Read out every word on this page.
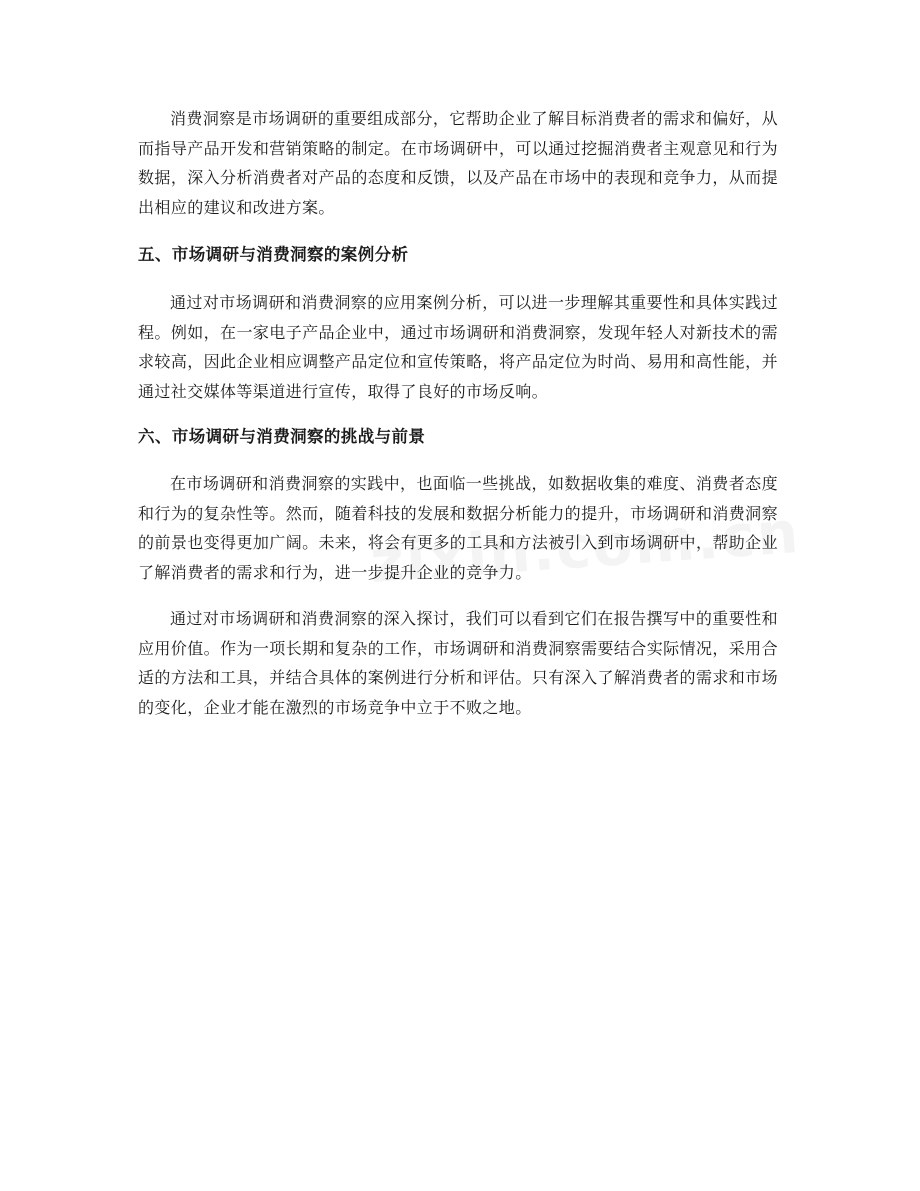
消费洞察是市场调研的重要组成部分，它帮助企业了解目标消费者的需求和偏好，从而指导产品开发和营销策略的制定。在市场调研中，可以通过挖掘消费者主观意见和行为数据，深入分析消费者对产品的态度和反馈，以及产品在市场中的表现和竞争力，从而提出相应的建议和改进方案。

五、市场调研与消费洞察的案例分析

通过对市场调研和消费洞察的应用案例分析，可以进一步理解其重要性和具体实践过程。例如，在一家电子产品企业中，通过市场调研和消费洞察，发现年轻人对新技术的需求较高，因此企业相应调整产品定位和宣传策略，将产品定位为时尚、易用和高性能，并通过社交媒体等渠道进行宣传，取得了良好的市场反响。

六、市场调研与消费洞察的挑战与前景

在市场调研和消费洞察的实践中，也面临一些挑战，如数据收集的难度、消费者态度和行为的复杂性等。然而，随着科技的发展和数据分析能力的提升，市场调研和消费洞察的前景也变得更加广阔。未来，将会有更多的工具和方法被引入到市场调研中，帮助企业了解消费者的需求和行为，进一步提升企业的竞争力。

通过对市场调研和消费洞察的深入探讨，我们可以看到它们在报告撰写中的重要性和应用价值。作为一项长期和复杂的工作，市场调研和消费洞察需要结合实际情况，采用合适的方法和工具，并结合具体的案例进行分析和评估。只有深入了解消费者的需求和市场的变化，企业才能在激烈的市场竞争中立于不败之地。
